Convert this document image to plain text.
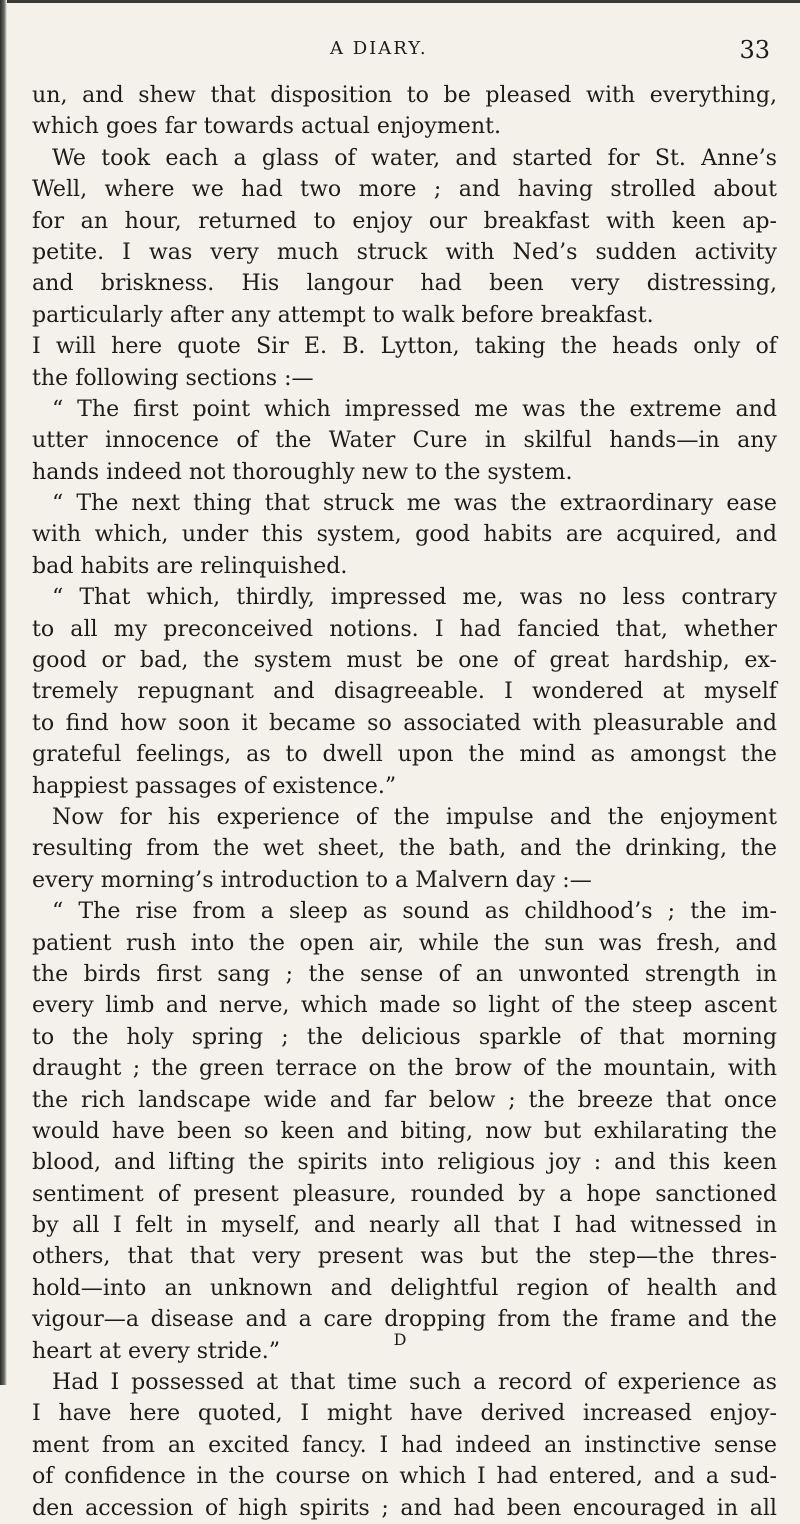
A DIARY.	33
un, and shew that disposition to be pleased with everything,
which goes far towards actual enjoyment.
We took each a glass of water, and started for St. Anne’s
Well, where we had two more ; and having strolled about
for an hour, returned to enjoy our breakfast with keen ap-
petite. I was very much struck with Ned’s sudden activity
and briskness. His langour had been very distressing,
particularly after any attempt to walk before breakfast.
I will here quote Sir E. B. Lytton, taking the heads only of
the following sections :—
“ The first point which impressed me was the extreme and
utter innocence of the Water Cure in skilful hands—in any
hands indeed not thoroughly new to the system.
“ The next thing that struck me was the extraordinary ease
with which, under this system, good habits are acquired, and
bad habits are relinquished.
“ That which, thirdly, impressed me, was no less contrary
to all my preconceived notions. I had fancied that, whether
good or bad, the system must be one of great hardship, ex-
tremely repugnant and disagreeable. I wondered at myself
to find how soon it became so associated with pleasurable and
grateful feelings, as to dwell upon the mind as amongst the
happiest passages of existence.”
Now for his experience of the impulse and the enjoyment
resulting from the wet sheet, the bath, and the drinking, the
every morning’s introduction to a Malvern day :—
“ The rise from a sleep as sound as childhood’s ; the im-
patient rush into the open air, while the sun was fresh, and
the birds first sang ; the sense of an unwonted strength in
every limb and nerve, which made so light of the steep ascent
to the holy spring ; the delicious sparkle of that morning
draught ; the green terrace on the brow of the mountain, with
the rich landscape wide and far below ; the breeze that once
would have been so keen and biting, now but exhilarating the
blood, and lifting the spirits into religious joy : and this keen
sentiment of present pleasure, rounded by a hope sanctioned
by all I felt in myself, and nearly all that I had witnessed in
others, that that very present was but the step—the thres-
hold—into an unknown and delightful region of health and
vigour—a disease and a care dropping from the frame and the
heart at every stride.”
Had I possessed at that time such a record of experience as
I have here quoted, I might have derived increased enjoy-
ment from an excited fancy. I had indeed an instinctive sense
of confidence in the course on which I had entered, and a sud-
den accession of high spirits ; and had been encouraged in all
D
